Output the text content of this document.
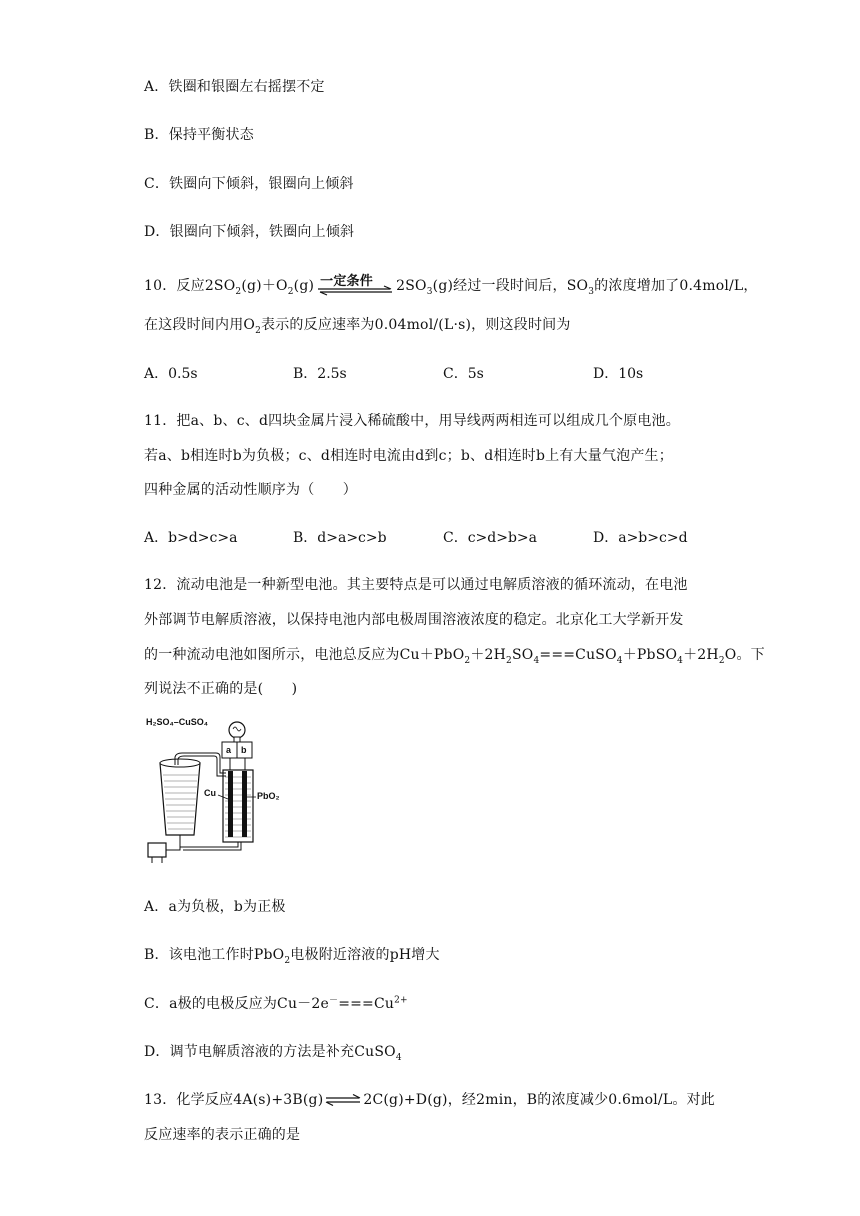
A．铁圈和银圈左右摇摆不定
B．保持平衡状态
C．铁圈向下倾斜，银圈向上倾斜
D．银圈向下倾斜，铁圈向上倾斜
10．反应$2SO_2(g)+O_2(g)$ 一定条件 $2SO_3(g)$经过一段时间后，$SO_3$的浓度增加了0.4mol/L，
在这段时间内用$O_2$表示的反应速率为0.04mol/(L·s)，则这段时间为
A．0.5s	B．2.5s	C．5s	D．10s
11．把a、b、c、d四块金属片浸入稀硫酸中，用导线两两相连可以组成几个原电池。
若a、b相连时b为负极；c、d相连时电流由d到c；b、d相连时b上有大量气泡产生；
四种金属的活动性顺序为（　　）
A．b>d>c>a	B．d>a>c>b	C．c>d>b>a	D．a>b>c>d
12．流动电池是一种新型电池。其主要特点是可以通过电解质溶液的循环流动，在电池
外部调节电解质溶液，以保持电池内部电极周围溶液浓度的稳定。北京化工大学新开发
的一种流动电池如图所示，电池总反应为$Cu+PbO_2+2H_2SO_4===CuSO_4+PbSO_4+2H_2O$。下
列说法不正确的是(　　)
H₂SO₄–CuSO₄
a b
Cu	PbO₂
A．a为负极，b为正极
B．该电池工作时PbO$_2$电极附近溶液的pH增大
C．a极的电极反应为$Cu-2e^-===Cu^{2+}$
D．调节电解质溶液的方法是补充CuSO$_4$
13．化学反应4A(s)+3B(g) ⇌ 2C(g)+D(g)，经2min，B的浓度减少0.6mol/L。对此
反应速率的表示正确的是
